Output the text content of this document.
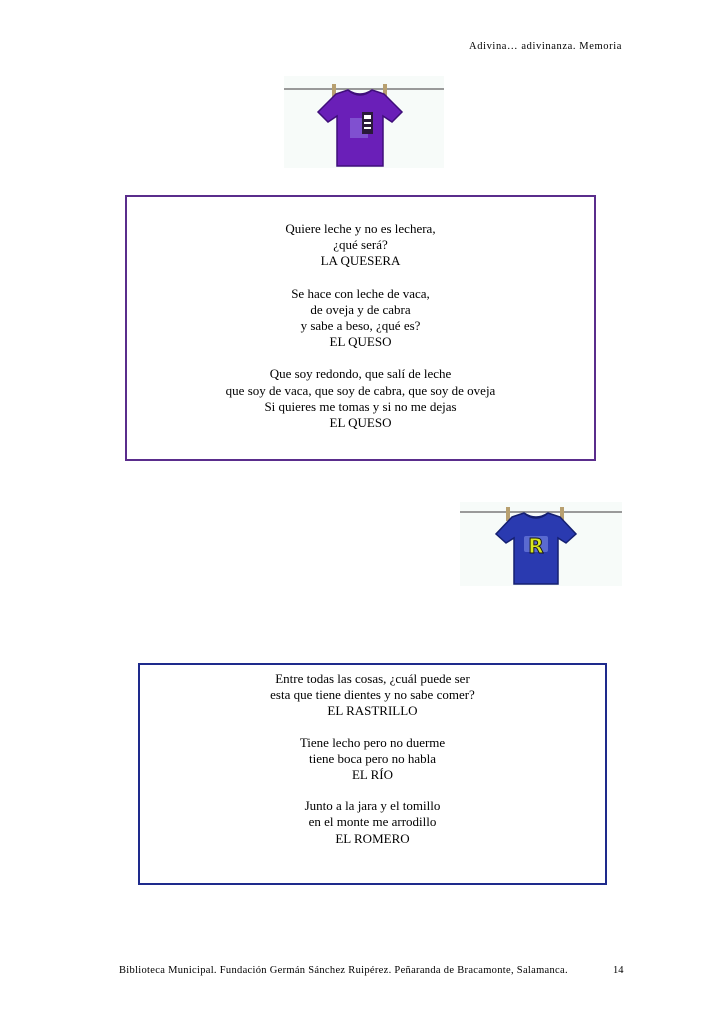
Adivina… adivinanza. Memoria
Quiere leche y no es lechera,
¿qué será?
LA QUESERA
Se hace con leche de vaca,
de oveja y de cabra
y sabe a beso, ¿qué es?
EL QUESO
Que soy redondo, que salí de leche
que soy de vaca, que soy de cabra, que soy de oveja
Si quieres me tomas y si no me dejas
EL QUESO
R
Entre todas las cosas, ¿cuál puede ser
esta que tiene dientes y no sabe comer?
EL RASTRILLO
Tiene lecho pero no duerme
tiene boca pero no habla
EL RÍO
Junto a la jara y el tomillo
en el monte me arrodillo
EL ROMERO
Biblioteca Municipal. Fundación Germán Sánchez Ruipérez. Peñaranda de Bracamonte, Salamanca.	14
